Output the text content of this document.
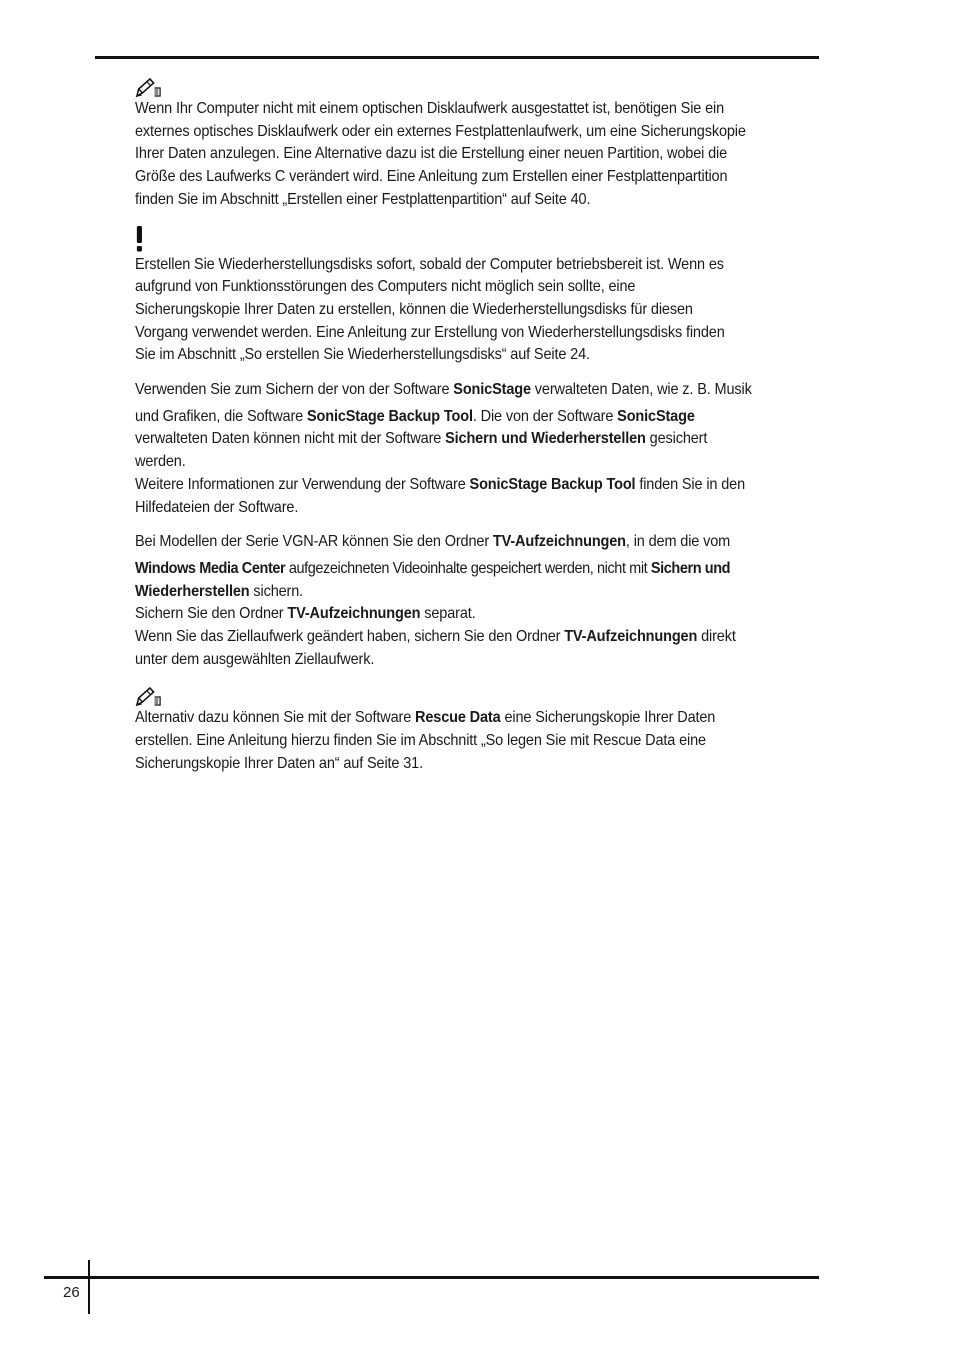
Wenn Ihr Computer nicht mit einem optischen Disklaufwerk ausgestattet ist, benötigen Sie ein

externes optisches Disklaufwerk oder ein externes Festplattenlaufwerk, um eine Sicherungskopie

Ihrer Daten anzulegen. Eine Alternative dazu ist die Erstellung einer neuen Partition, wobei die

Größe des Laufwerks C verändert wird. Eine Anleitung zum Erstellen einer Festplattenpartition

finden Sie im Abschnitt „Erstellen einer Festplattenpartition“ auf Seite 40.

Erstellen Sie Wiederherstellungsdisks sofort, sobald der Computer betriebsbereit ist. Wenn es

aufgrund von Funktionsstörungen des Computers nicht möglich sein sollte, eine

Sicherungskopie Ihrer Daten zu erstellen, können die Wiederherstellungsdisks für diesen

Vorgang verwendet werden. Eine Anleitung zur Erstellung von Wiederherstellungsdisks finden

Sie im Abschnitt „So erstellen Sie Wiederherstellungsdisks“ auf Seite 24.

Verwenden Sie zum Sichern der von der Software SonicStage verwalteten Daten, wie z. B. Musik

und Grafiken, die Software SonicStage Backup Tool. Die von der Software SonicStage

verwalteten Daten können nicht mit der Software Sichern und Wiederherstellen gesichert

werden.

Weitere Informationen zur Verwendung der Software SonicStage Backup Tool finden Sie in den

Hilfedateien der Software.

Bei Modellen der Serie VGN-AR können Sie den Ordner TV-Aufzeichnungen, in dem die vom

Windows Media Center aufgezeichneten Videoinhalte gespeichert werden, nicht mit Sichern und

Wiederherstellen sichern.

Sichern Sie den Ordner TV-Aufzeichnungen separat.

Wenn Sie das Ziellaufwerk geändert haben, sichern Sie den Ordner TV-Aufzeichnungen direkt

unter dem ausgewählten Ziellaufwerk.

Alternativ dazu können Sie mit der Software Rescue Data eine Sicherungskopie Ihrer Daten

erstellen. Eine Anleitung hierzu finden Sie im Abschnitt „So legen Sie mit Rescue Data eine

Sicherungskopie Ihrer Daten an“ auf Seite 31.

26
